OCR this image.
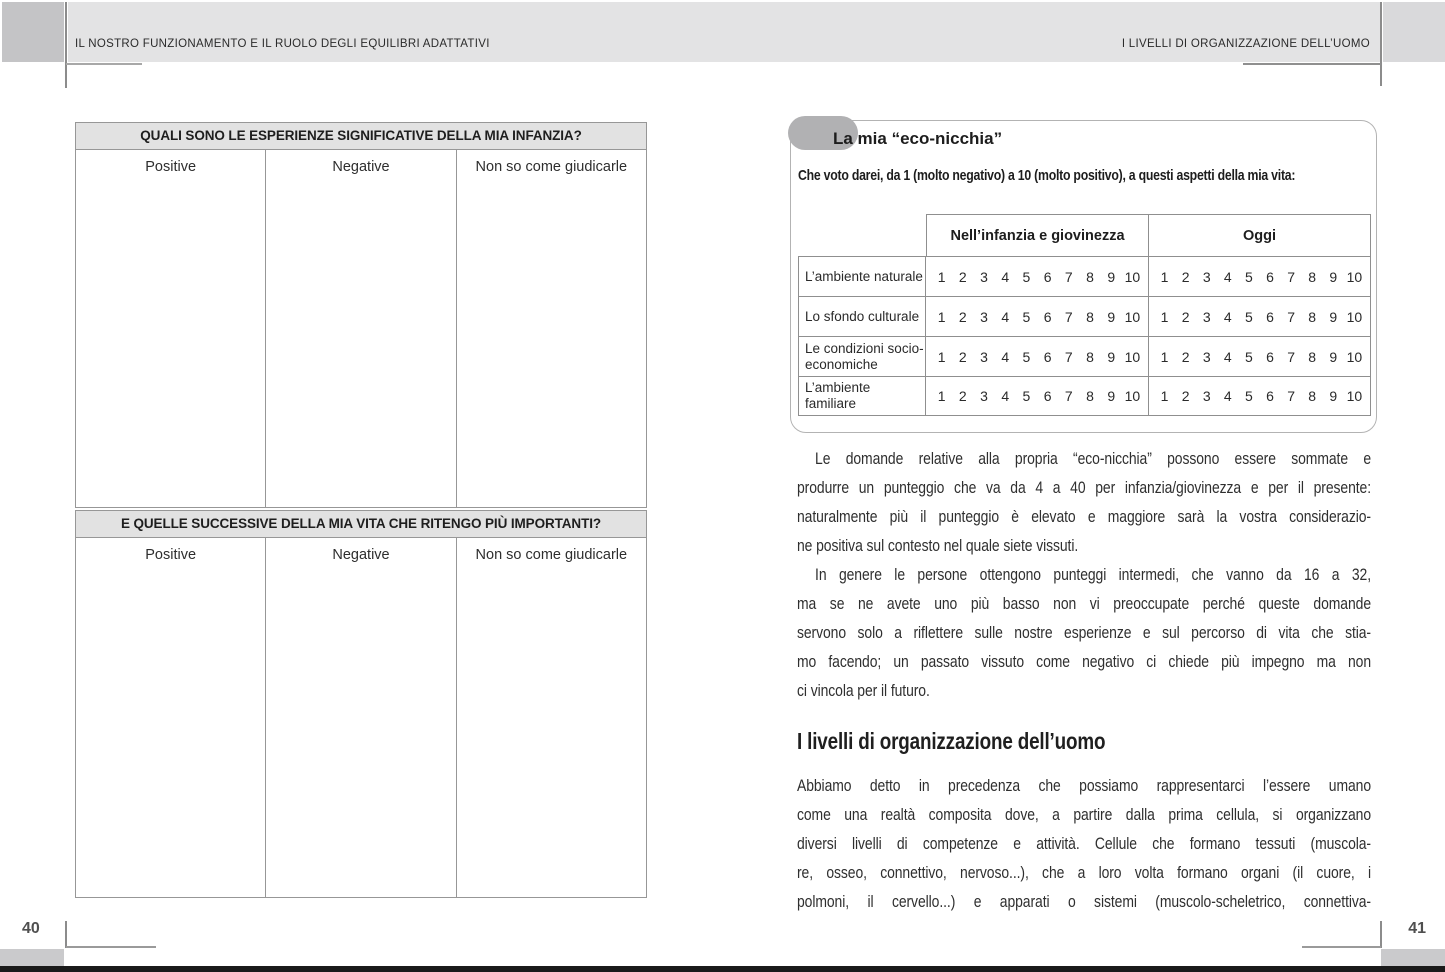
IL NOSTRO FUNZIONAMENTO E IL RUOLO DEGLI EQUILIBRI ADATTATIVI	I LIVELLI DI ORGANIZZAZIONE DELL’UOMO
QUALI SONO LE ESPERIENZE SIGNIFICATIVE DELLA MIA INFANZIA?
Positive	Negative	Non so come giudicarle
E QUELLE SUCCESSIVE DELLA MIA VITA CHE RITENGO PIÙ IMPORTANTI?
Positive	Negative	Non so come giudicarle
La mia “eco-nicchia”
Che voto darei, da 1 (molto negativo) a 10 (molto positivo), a questi aspetti della mia vita:
Nell’infanzia e giovinezza	Oggi
L’ambiente naturale	1 2 3 4 5 6 7 8 9 10	1 2 3 4 5 6 7 8 9 10
Lo sfondo culturale	1 2 3 4 5 6 7 8 9 10	1 2 3 4 5 6 7 8 9 10
Le condizioni socio-economiche	1 2 3 4 5 6 7 8 9 10	1 2 3 4 5 6 7 8 9 10
L’ambiente familiare	1 2 3 4 5 6 7 8 9 10	1 2 3 4 5 6 7 8 9 10
Le domande relative alla propria “eco-nicchia” possono essere sommate e
produrre un punteggio che va da 4 a 40 per infanzia/giovinezza e per il presente:
naturalmente più il punteggio è elevato e maggiore sarà la vostra considerazio-
ne positiva sul contesto nel quale siete vissuti.
In genere le persone ottengono punteggi intermedi, che vanno da 16 a 32,
ma se ne avete uno più basso non vi preoccupate perché queste domande
servono solo a riflettere sulle nostre esperienze e sul percorso di vita che stia-
mo facendo; un passato vissuto come negativo ci chiede più impegno ma non
ci vincola per il futuro.
I livelli di organizzazione dell’uomo
Abbiamo detto in precedenza che possiamo rappresentarci l’essere umano
come una realtà composita dove, a partire dalla prima cellula, si organizzano
diversi livelli di competenze e attività. Cellule che formano tessuti (muscola-
re, osseo, connettivo, nervoso...), che a loro volta formano organi (il cuore, i
polmoni, il cervello...) e apparati o sistemi (muscolo-scheletrico, connettiva-
40	41
